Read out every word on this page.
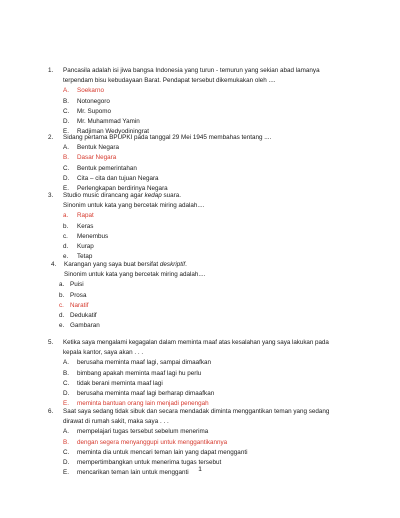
1.	Pancasila adalah isi jiwa bangsa Indonesia yang turun - temurun yang sekian abad lamanya
terpendam bisu kebudayaan Barat. Pendapat tersebut dikemukakan oleh ....
A.	Soekarno
B.	Notonegoro
C.	Mr. Supomo
D.	Mr. Muhammad Yamin
E.	Radjiman Wedyodiningrat
2.	Sidang pertama BPUPKI pada tanggal 29 Mei 1945 membahas tentang ....
A.	Bentuk Negara
B.	Dasar Negara
C.	Bentuk pemerintahan
D.	Cita – cita dan tujuan Negara
E.	Perlengkapan berdirinya Negara
3.	Studio music dirancang agar kedap suara.
Sinonim untuk kata yang bercetak miring adalah....
a.	Rapat
b.	Keras
c.	Menembus
d.	Kurap
e.	Tetap
4.	Karangan yang saya buat bersifat deskriptif.
Sinonim untuk kata yang bercetak miring adalah....
a. Puisi
b. Prosa
c. Naratif
d. Dedukatif
e. Gambaran
5.	Ketika saya mengalami kegagalan dalam meminta maaf atas kesalahan yang saya lakukan pada
kepala kantor, saya akan . . .
A.	berusaha meminta maaf lagi, sampai dimaafkan
B.	bimbang apakah meminta maaf lagi hu perlu
C.	tidak berani meminta maaf lagi
D.	berusaha meminta maaf lagi berharap dimaafkan
E.	meminta bantuan orang lain menjadi penengah
6.	Saat saya sedang tidak sibuk dan secara mendadak diminta menggantikan teman yang sedang
dirawat di rumah sakit, maka saya . . .
A.	mempelajari tugas tersebut sebelum menerima
B.	dengan segera menyanggupi untuk menggantikannya
C.	meminta dia untuk mencari teman lain yang dapat mengganti
D.	mempertimbangkan untuk menerima tugas tersebut
E.	mencarikan teman lain untuk mengganti	1
